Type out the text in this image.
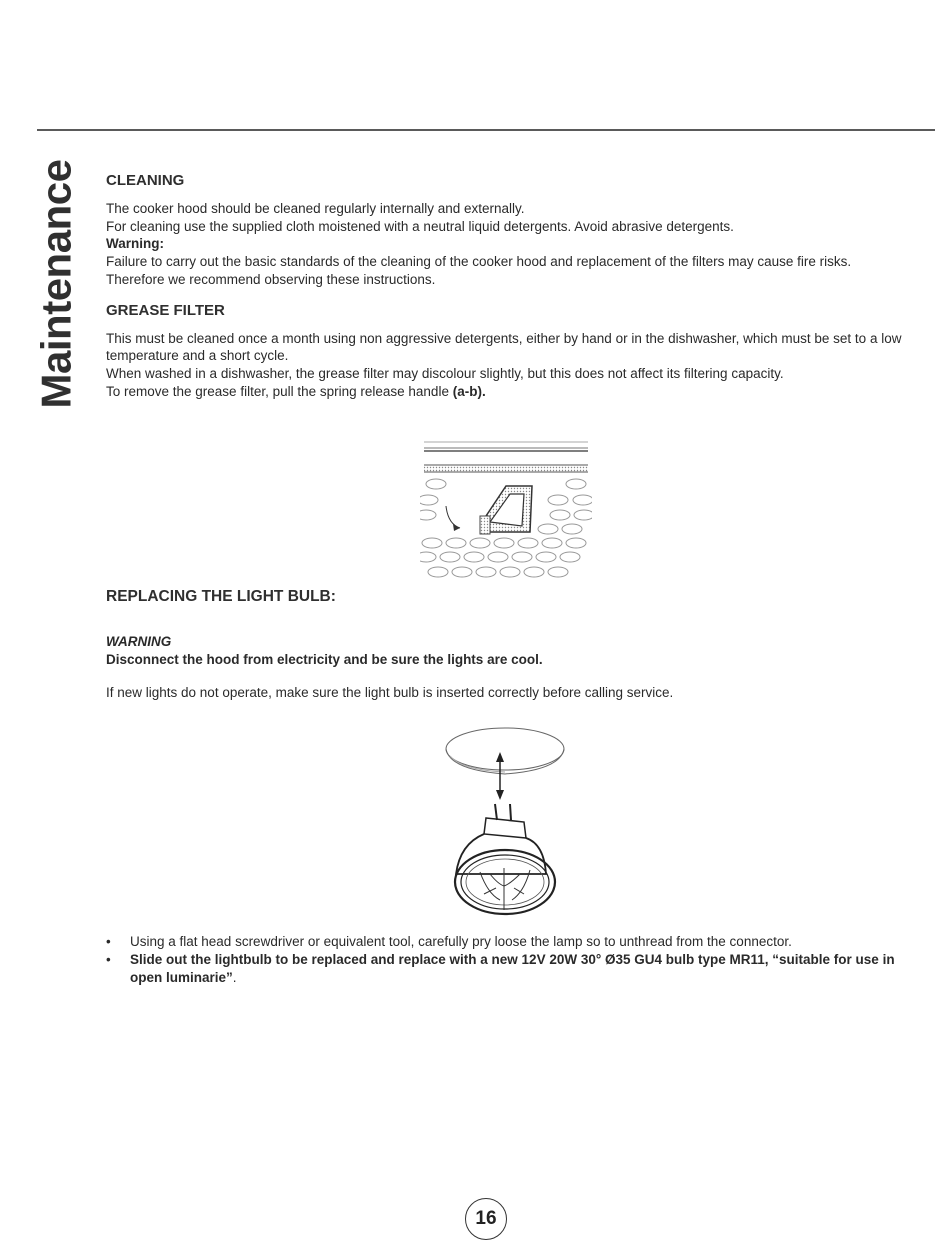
Maintenance CLEANING

The cooker hood should be cleaned regularly internally and externally.

For cleaning use the supplied cloth moistened with a neutral liquid detergents. Avoid abrasive detergents.

Warning:

Failure to carry out the basic standards of the cleaning of the cooker hood and replacement of the filters may cause fire risks.

Therefore we recommend observing these instructions.

GREASE FILTER

This must be cleaned once a month using non aggressive detergents, either by hand or in the dishwasher, which must be set to a low temperature and a short cycle.

When washed in a dishwasher, the grease filter may discolour slightly, but this does not affect its filtering capacity.

To remove the grease filter, pull the spring release handle (a-b).

REPLACING THE LIGHT BULB:

WARNING

Disconnect the hood from electricity and be sure the lights are cool.

If new lights do not operate, make sure the light bulb is inserted correctly before calling service.

•	Using a flat head screwdriver or equivalent tool, carefully pry loose the lamp so to unthread from the connector.
•	Slide out the lightbulb to be replaced and replace with a new 12V 20W 30° Ø35 GU4 bulb type MR11, “suitable for use in open luminarie”.
16
